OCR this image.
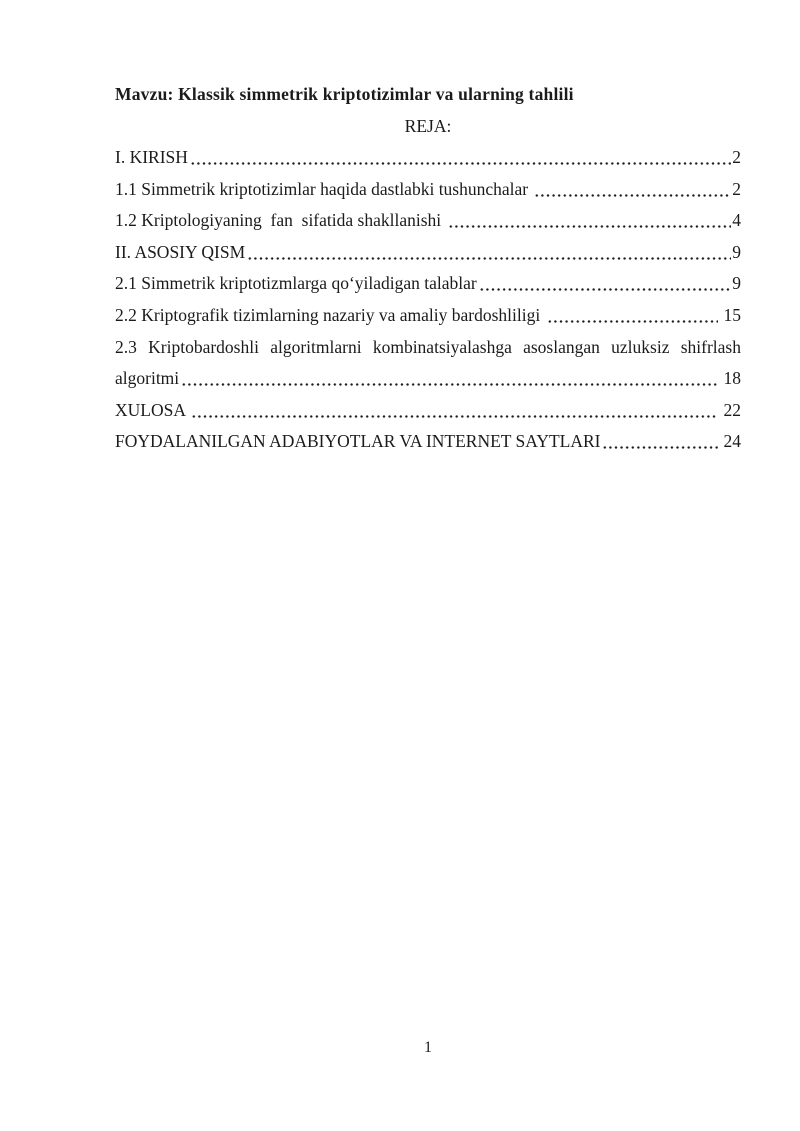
Mavzu: Klassik simmetrik kriptotizimlar va ularning tahlili
REJA:
I. KIRISH	2
1.1 Simmetrik kriptotizimlar haqida dastlabki tushunchalar	2
1.2 Kriptologiyaning  fan  sifatida shakllanishi	4
II. ASOSIY QISM	9
2.1 Simmetrik kriptotizmlarga qo‘yiladigan talablar	9
2.2 Kriptografik tizimlarning nazariy va amaliy bardoshliligi	15
2.3 Kriptobardoshli algoritmlarni kombinatsiyalashga asoslangan uzluksiz shifrlash
algoritmi	18
XULOSA	22
FOYDALANILGAN ADABIYOTLAR VA INTERNET SAYTLARI	24
1
